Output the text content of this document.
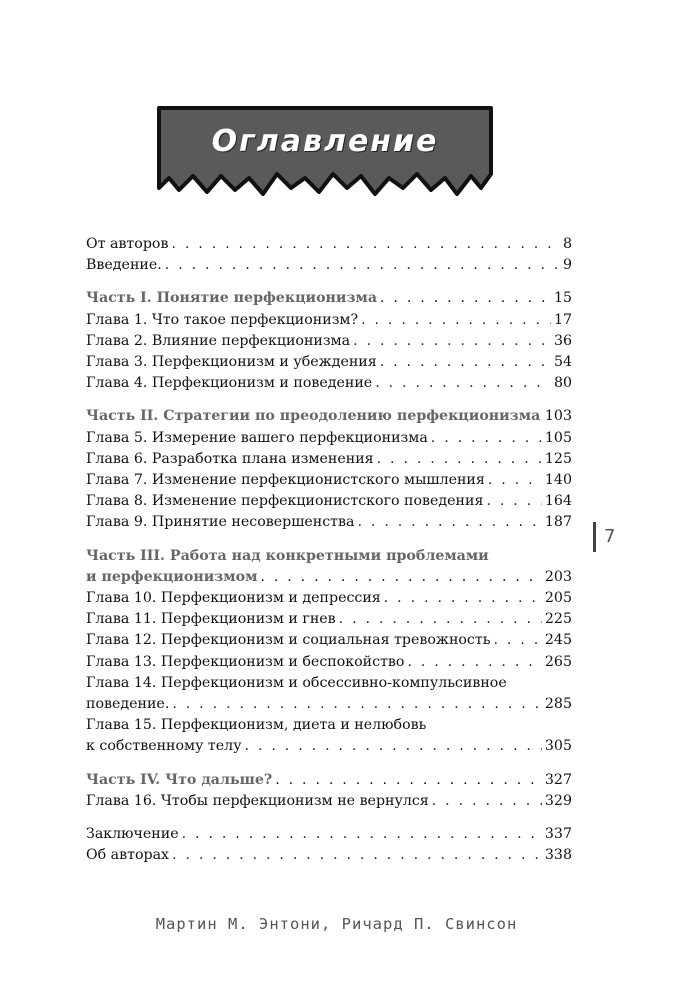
Оглавление
От авторов . . .	8
Введение. . . .	9
Часть I. Понятие перфекционизма . . .	15
Глава 1. Что такое перфекционизм? . . .	17
Глава 2. Влияние перфекционизма . . .	36
Глава 3. Перфекционизм и убеждения . . .	54
Глава 4. Перфекционизм и поведение . . .	80
Часть II. Стратегии по преодолению перфекционизма . . . 103
Глава 5. Измерение вашего перфекционизма . . .	105
Глава 6. Разработка плана изменения . . .	125
Глава 7. Изменение перфекционистского мышления . . .	140
Глава 8. Изменение перфекционистского поведения . . .	164
Глава 9. Принятие несовершенства . . .	187
Часть III. Работа над конкретными проблемами
и перфекционизмом . . .	203
Глава 10. Перфекционизм и депрессия . . .	205
Глава 11. Перфекционизм и гнев . . .	225
Глава 12. Перфекционизм и социальная тревожность . . .	245
Глава 13. Перфекционизм и беспокойство . . .	265
Глава 14. Перфекционизм и обсессивно-компульсивное
поведение. . . .	285
Глава 15. Перфекционизм, диета и нелюбовь
к собственному телу . . .	305
Часть IV. Что дальше? . . .	327
Глава 16. Чтобы перфекционизм не вернулся . . .	329
Заключение . . .	337
Об авторах . . .	338
7
Мартин М. Энтони, Ричард П. Свинсон
